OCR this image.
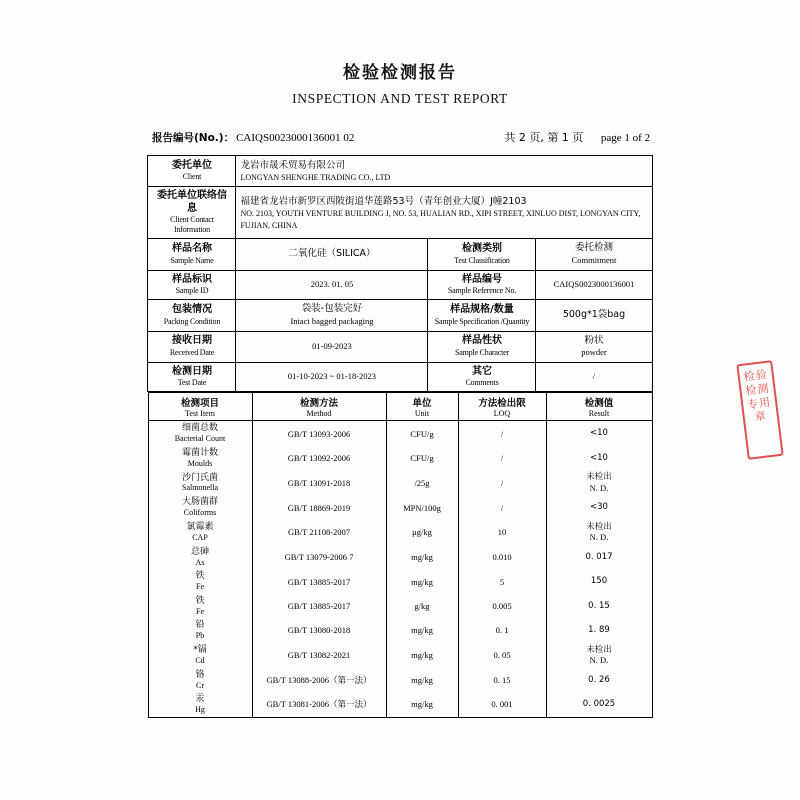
检验检测报告
INSPECTION AND TEST REPORT
报告编号(No.)： CAIQS0023000136001 02	共 2 页, 第 1 页 page 1 of 2
委托单位
Client	龙岩市晟禾贸易有限公司
LONGYAN SHENGHE TRADING CO., LTD		

委托单位联络信息
Client Contact Information	福建省龙岩市新罗区西陂街道华莲路53号（青年创业大厦）J幢2103
NO. 2103, YOUTH VENTURE BUILDING J, NO. 53, HUALIAN RD., XIPI STREET, XINLUO DIST, LONGYAN CITY, FUJIAN, CHINA		

样品名称
Sample Name	二氧化硅（SILICA）	检测类别
Test Classification	委托检测
Commitment

样品标识
Sample ID	2023. 01. 05	样品编号
Sample Reference No.	CAIQS0023000136001

包装情况
Packing Condition	袋装-包装完好
Intact bagged packaging	样品规格/数量
Sample Specification /Quantity	500g*1袋bag

接收日期
Received Date	01-09-2023	样品性状
Sample Character	粉状
powder

检测日期
Test Date	01-10-2023 ~ 01-18-2023	其它
Comments	/
检测项目
Test Item	检测方法
Method	单位
Unit	方法检出限
LOQ	检测值
Result

细菌总数
Bacterial Count	GB/T 13093-2006	CFU/g	/	<10

霉菌计数
Moulds	GB/T 13092-2006	CFU/g	/	<10

沙门氏菌
Salmonella	GB/T 13091-2018	/25g	/	未检出
N. D.

大肠菌群
Coliforms	GB/T 18869-2019	MPN/100g	/	<30

氯霉素
CAP	GB/T 21108-2007	μg/kg	10	未检出
N. D.

总砷
As	GB/T 13079-2006 7	mg/kg	0.010	0. 017

铁
Fe	GB/T 13885-2017	mg/kg	5	150

铁
Fe	GB/T 13885-2017	g/kg	0.005	0. 15

铅
Pb	GB/T 13080-2018	mg/kg	0. 1	1. 89

*镉
Cd	GB/T 13082-2021	mg/kg	0. 05	未检出
N. D.

铬
Cr	GB/T 13088-2006（第一法）	mg/kg	0. 15	0. 26

汞
Hg	GB/T 13081-2006（第一法）	mg/kg	0. 001	0. 0025
检验检测专用章
